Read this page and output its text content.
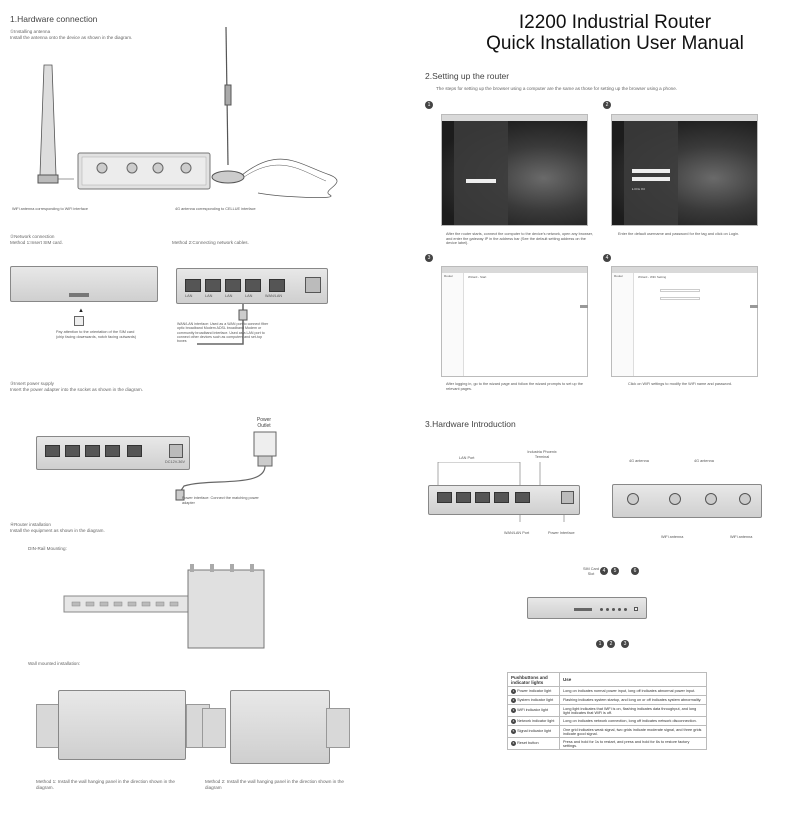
I2200 Industrial Router
Quick Installation User Manual
1.Hardware connection
①Installing antenna
Install the antenna onto the device as shown in the diagram.
WiFi antenna corresponding to WiFi interface	4G antenna corresponding to CELLUE interface
②Network connection
Method 1:Insert SIM card.	Method 2:Connecting network cables.
▲
Pay attention to the orientation of the SIM card (chip facing downwards, notch facing outwards)
LAN	LAN	LAN	LAN	WAN/LAN
WAN/LAN interface: Used as a WAN port to connect fiber optic broadband Modem ADSL broadband Modem or community broadband interface. Used as a LAN port to connect other devices such as computers and set-top boxes
③Insert power supply
Insert the power adapter into the socket as shown in the diagram.
DC12V-36V
Power Outlet
Power interface: Connect the matching power adapter
④Router installation
Install the equipment as shown in the diagram.
DIN-Rail Mounting:
Wall mounted installation:
Method 1: Install the wall hanging panel in the direction shown in the diagram.
Method 2: Install the wall hanging panel in the direction shown in the diagram
2.Setting up the router
The steps for setting up the browser using a computer are the same as those for setting up the browser using a phone.
1
After the router starts, connect the computer to the device's network, open any browser, and enter the gateway IP in the address bar (See the default setting address on the device label).
2
L O G I N
Enter the default username and password for the tag and click on Login.
3
Router	Wizard - Start
After logging in, go to the wizard page and follow the wizard prompts to set up the relevant pages.
4
Router	Wizard - WiFi Setting
Click on WiFi settings to modify the WiFi name and password.
3.Hardware Introduction
LAN Port
Industria Phoenix Terminal
WAN/LAN Port	Power Interface
4G antenna	4G antenna
WiFi antenna	WiFi antenna
SIM Card Slot	4	5	6
1	2	3
Pushbuttons and indicator lights	Use
1 Power indicator light	Long on indicates normal power input, long off indicates abnormal power input.
2 System indicator light	Flashing indicates system startup, and long on or off indicates system abnormality.
3 WiFi indicator light	Long light indicates that WiFi is on, flashing indicates data throughput, and long light indicates that WiFi is off.
4 Network indicator light	Long on indicates network connection, long off indicates network disconnection.
5 Signal indicator light	One grid indicates weak signal, two grids indicate moderate signal, and three grids indicate good signal.
6 Reset button	Press and hold for 1s to restart, and press and hold for 6s to restore factory settings.
